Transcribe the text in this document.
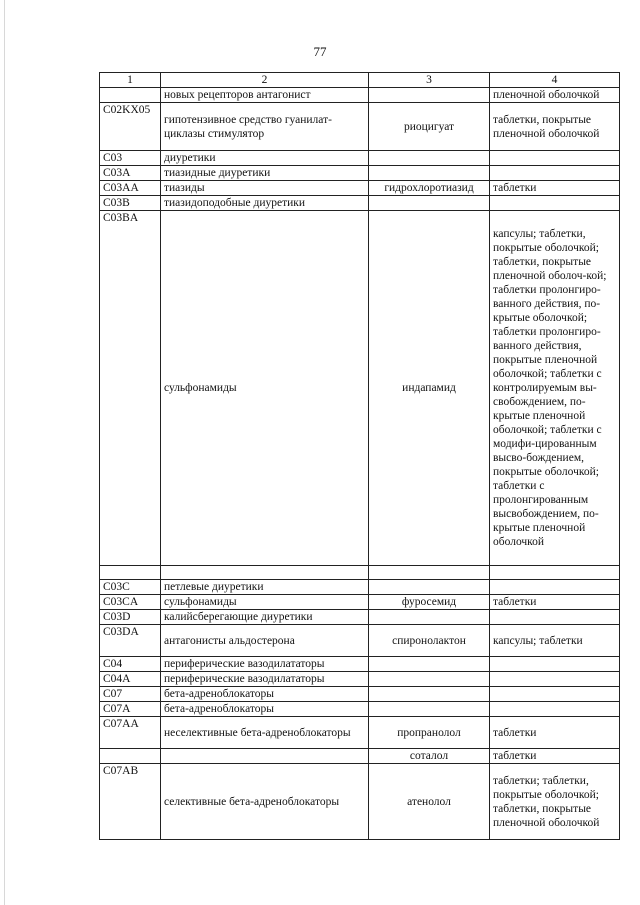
77
1	2	3	4
	новых рецепторов антагонист		пленочной оболочкой
C02KX05	гипотензивное средство гуанилат-циклазы стимулятор	риоцигуат	таблетки, покрытые пленочной оболочкой
C03	диуретики		
C03A	тиазидные диуретики		
C03AA	тиазиды	гидрохлоротиазид	таблетки
C03B	тиазидоподобные диуретики		
C03BA	сульфонамиды	индапамид	капсулы; таблетки, покрытые оболочкой; таблетки, покрытые пленочной оболоч-кой; таблетки пролонгиро-ванного действия, по-крытые оболочкой; таблетки пролонгиро-ванного действия, покрытые пленочной оболочкой; таблетки с контролируемым вы-свобождением, по-крытые пленочной оболочкой; таблетки с модифи-цированным высво-бождением, покрытые оболочкой; таблетки с пролонгированным высвобождением, по-крытые пленочной оболочкой

C03C	петлевые диуретики		
C03CA	сульфонамиды	фуросемид	таблетки
C03D	калийсберегающие диуретики		
C03DA	антагонисты альдостерона	спиронолактон	капсулы; таблетки
C04	периферические вазодилататоры		
C04A	периферические вазодилататоры		
C07	бета-адреноблокаторы		
C07A	бета-адреноблокаторы		
C07AA	неселективные бета-адреноблокаторы	пропранолол	таблетки
		соталол	таблетки
C07AB	селективные бета-адреноблокаторы	атенолол	таблетки; таблетки, покрытые оболочкой; таблетки, покрытые пленочной оболочкой
